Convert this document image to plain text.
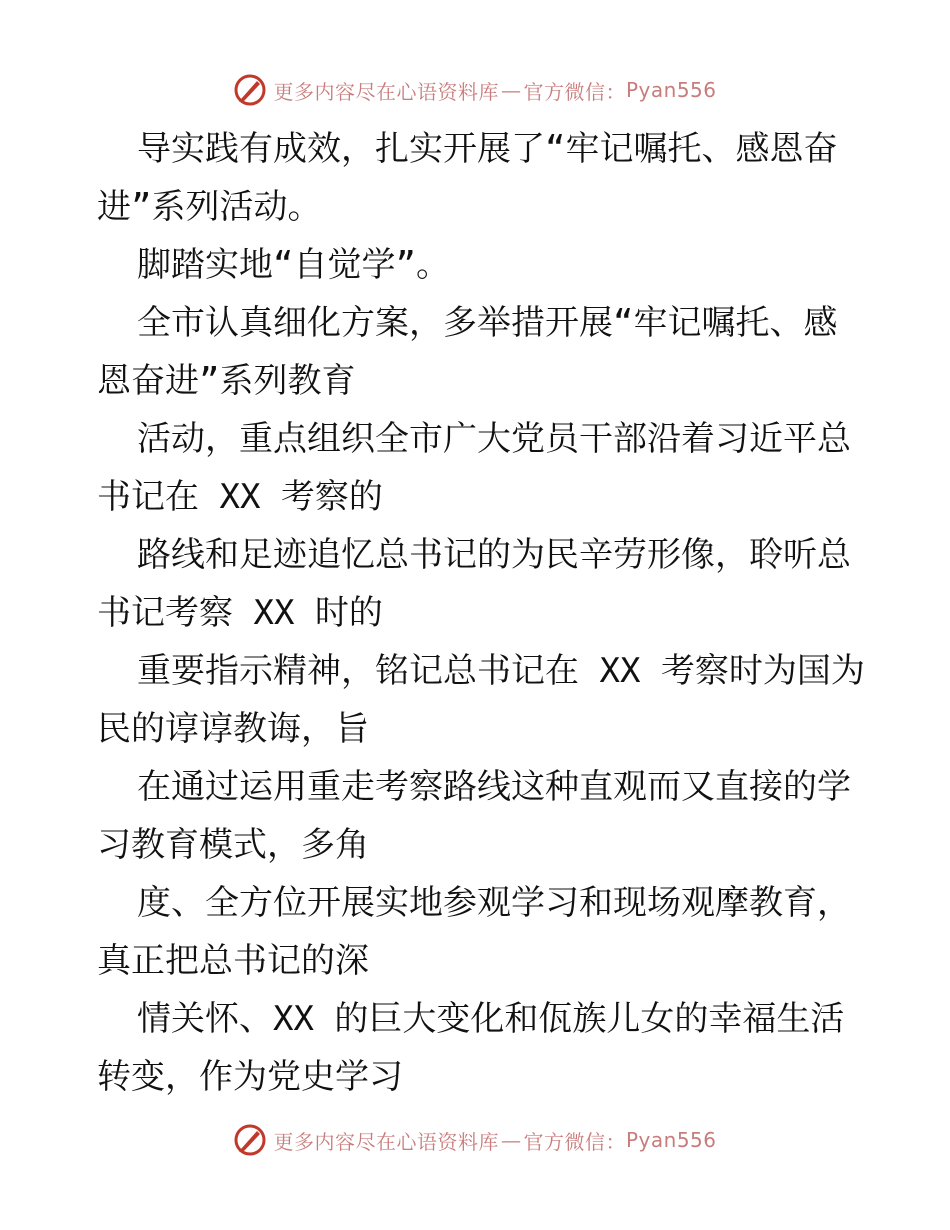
更多内容尽在心语资料库 — 官方微信： Pyan556
导实践有成效，扎实开展了“牢记嘱托、感恩奋
进”系列活动。
脚踏实地“自觉学”。
全市认真细化方案，多举措开展“牢记嘱托、感
恩奋进”系列教育
活动，重点组织全市广大党员干部沿着习近平总
书记在 XX 考察的
路线和足迹追忆总书记的为民辛劳形像，聆听总
书记考察 XX 时的
重要指示精神，铭记总书记在 XX 考察时为国为
民的谆谆教诲，旨
在通过运用重走考察路线这种直观而又直接的学
习教育模式，多角
度、全方位开展实地参观学习和现场观摩教育，
真正把总书记的深
情关怀、XX 的巨大变化和佤族儿女的幸福生活
转变，作为党史学习
更多内容尽在心语资料库 — 官方微信： Pyan556
